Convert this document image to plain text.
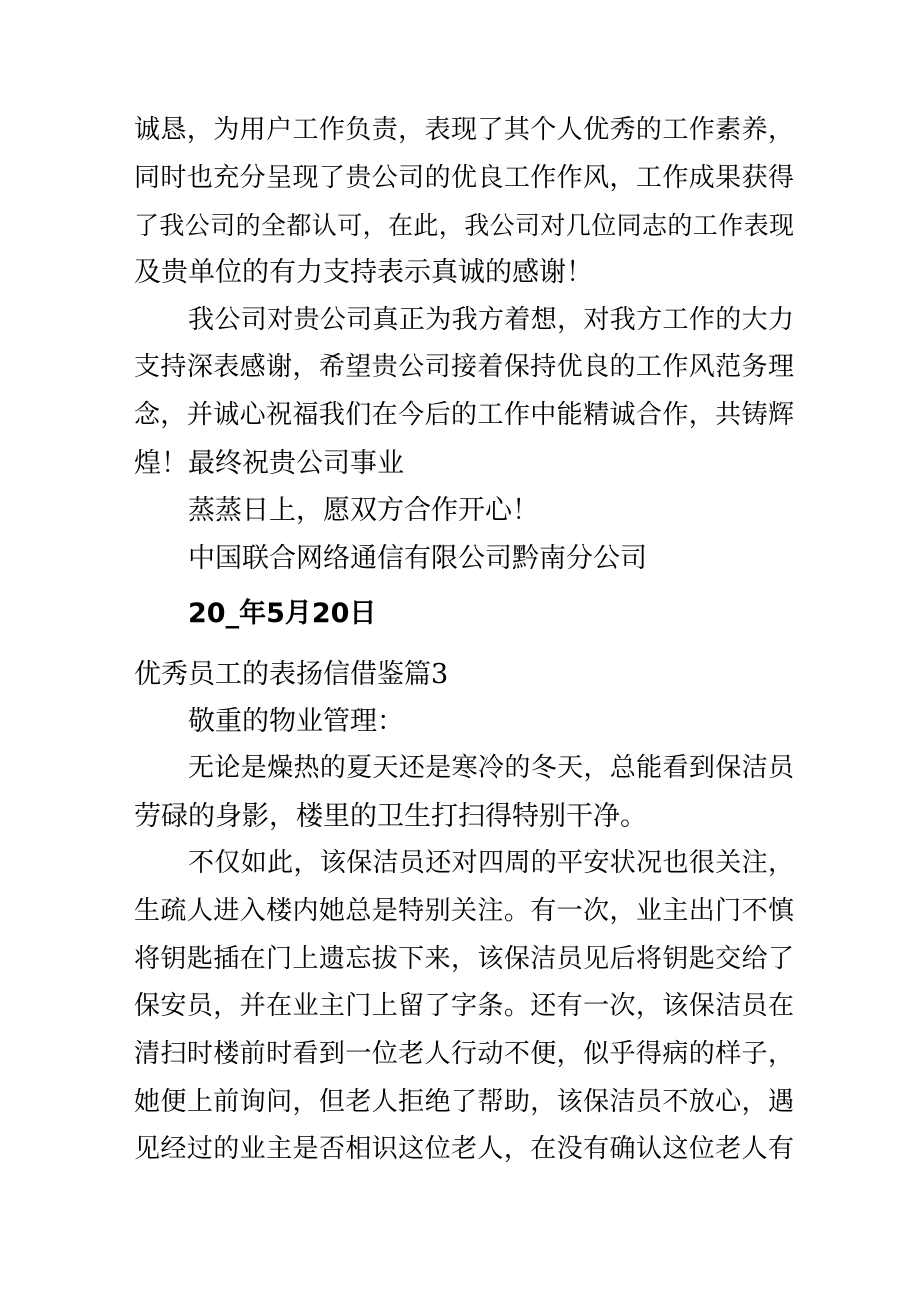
诚恳，为用户工作负责，表现了其个人优秀的工作素养，
同时也充分呈现了贵公司的优良工作作风，工作成果获得
了我公司的全都认可，在此，我公司对几位同志的工作表现
及贵单位的有力支持表示真诚的感谢！
我公司对贵公司真正为我方着想，对我方工作的大力
支持深表感谢，希望贵公司接着保持优良的工作风范务理
念，并诚心祝福我们在今后的工作中能精诚合作，共铸辉
煌！最终祝贵公司事业
蒸蒸日上，愿双方合作开心！
中国联合网络通信有限公司黔南分公司
20_年5月20日
优秀员工的表扬信借鉴篇3
敬重的物业管理：
无论是燥热的夏天还是寒冷的冬天，总能看到保洁员
劳碌的身影，楼里的卫生打扫得特别干净。
不仅如此，该保洁员还对四周的平安状况也很关注，
生疏人进入楼内她总是特别关注。有一次，业主出门不慎
将钥匙插在门上遗忘拔下来，该保洁员见后将钥匙交给了
保安员，并在业主门上留了字条。还有一次，该保洁员在
清扫时楼前时看到一位老人行动不便，似乎得病的样子，
她便上前询问，但老人拒绝了帮助，该保洁员不放心，遇
见经过的业主是否相识这位老人，在没有确认这位老人有
